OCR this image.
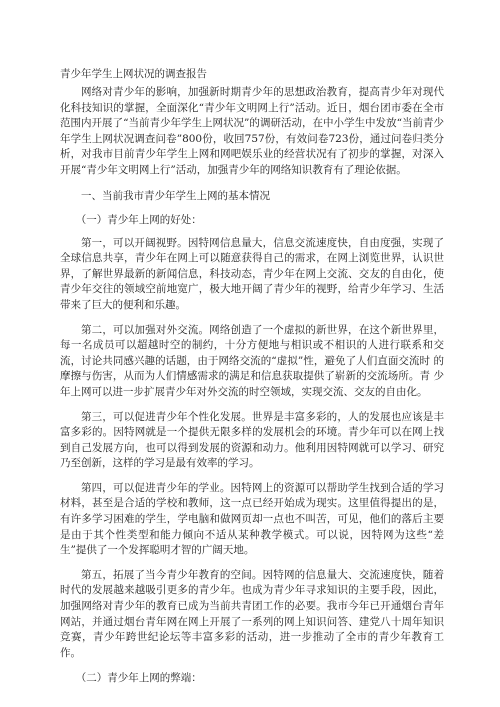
青少年学生上网状况的调查报告

网络对青少年的影响，加强新时期青少年的思想政治教育，提高青少年对现代化科技知识的掌握，全面深化“青少年文明网上行”活动。近日，烟台团市委在全市范围内开展了“当前青少年学生上网状况”的调研活动，在中小学生中发放“当前青少年学生上网状况调查问卷”800份，收回757份，有效问卷723份，通过问卷归类分析，对我市目前青少年学生上网和网吧娱乐业的经营状况有了初步的掌握，对深入开展“青少年文明网上行”活动，加强青少年的网络知识教育有了理论依据。

一、当前我市青少年学生上网的基本情况
（一）青少年上网的好处：

第一，可以开阔视野。因特网信息量大，信息交流速度快，自由度强，实现了全球信息共享，青少年在网上可以随意获得自己的需求，在网上浏览世界，认识世界，了解世界最新的新闻信息，科技动态，青少年在网上交流、交友的自由化，使青少年交往的领域空前地宽广，极大地开阔了青少年的视野，给青少年学习、生活带来了巨大的便利和乐趣。

第二，可以加强对外交流。网络创造了一个虚拟的新世界，在这个新世界里，每一名成员可以超越时空的制约，十分方便地与相识或不相识的人进行联系和交 流，讨论共同感兴趣的话题，由于网络交流的“虚拟”性，避免了人们直面交流时 的摩擦与伤害，从而为人们情感需求的满足和信息获取提供了崭新的交流场所。青 少年上网可以进一步扩展青少年对外交流的时空领域，实现交流、交友的自由化。

第三，可以促进青少年个性化发展。世界是丰富多彩的，人的发展也应该是丰富多彩的。因特网就是一个提供无限多样的发展机会的环境。青少年可以在网上找到自己发展方向，也可以得到发展的资源和动力。他利用因特网就可以学习、研究乃至创新，这样的学习是最有效率的学习。

第四，可以促进青少年的学业。因特网上的资源可以帮助学生找到合适的学习材料，甚至是合适的学校和教师，这一点已经开始成为现实。这里值得提出的是，有许多学习困难的学生，学电脑和做网页却一点也不叫苦，可见，他们的落后主要是由于其个性类型和能力倾向不适从某种教学模式。可以说，因特网为这些“差 生”提供了一个发挥聪明才智的广阔天地。

第五，拓展了当今青少年教育的空间。因特网的信息量大、交流速度快，随着时代的发展越来越吸引更多的青少年。也成为青少年寻求知识的主要手段，因此，加强网络对青少年的教育已成为当前共青团工作的必要。我市今年已开通烟台青年网站，并通过烟台青年网在网上开展了一系列的网上知识问答、建党八十周年知识竞赛，青少年跨世纪论坛等丰富多彩的活动，进一步推动了全市的青少年教育工 作。

（二）青少年上网的弊端：
